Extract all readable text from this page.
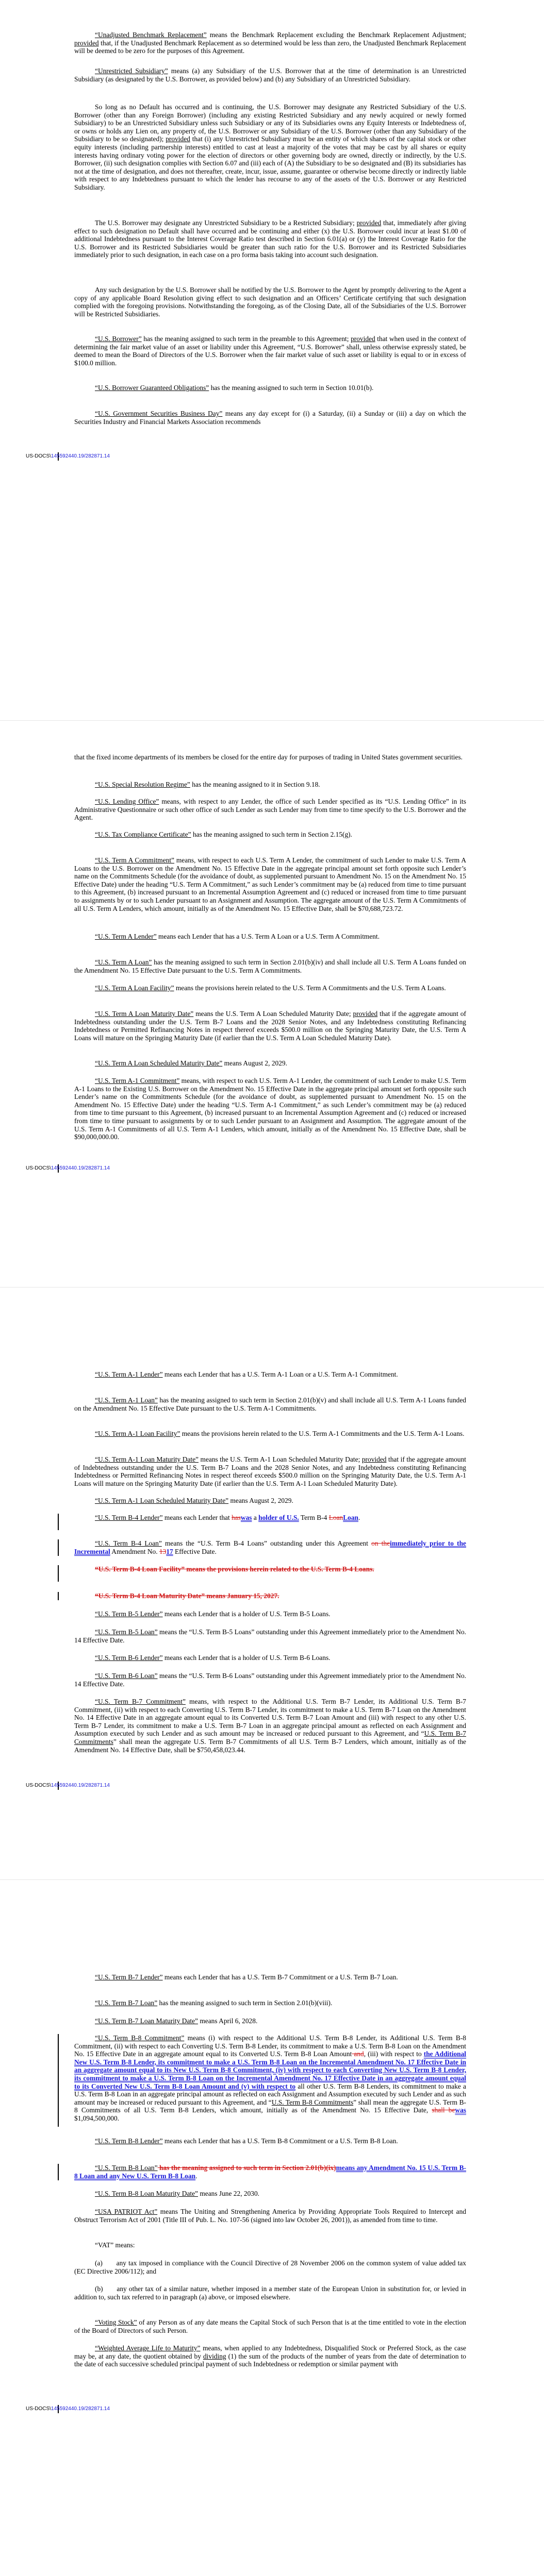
“Unadjusted Benchmark Replacement” means the Benchmark Replacement excluding the Benchmark Replacement Adjustment; provided that, if the Unadjusted Benchmark Replacement as so determined would be less than zero, the Unadjusted Benchmark Replacement will be deemed to be zero for the purposes of this Agreement.

“Unrestricted Subsidiary” means (a) any Subsidiary of the U.S. Borrower that at the time of determination is an Unrestricted Subsidiary (as designated by the U.S. Borrower, as provided below) and (b) any Subsidiary of an Unrestricted Subsidiary.

So long as no Default has occurred and is continuing, the U.S. Borrower may designate any Restricted Subsidiary of the U.S. Borrower (other than any Foreign Borrower) (including any existing Restricted Subsidiary and any newly acquired or newly formed Subsidiary) to be an Unrestricted Subsidiary unless such Subsidiary or any of its Subsidiaries owns any Equity Interests or Indebtedness of, or owns or holds any Lien on, any property of, the U.S. Borrower or any Subsidiary of the U.S. Borrower (other than any Subsidiary of the Subsidiary to be so designated); provided that (i) any Unrestricted Subsidiary must be an entity of which shares of the capital stock or other equity interests (including partnership interests) entitled to cast at least a majority of the votes that may be cast by all shares or equity interests having ordinary voting power for the election of directors or other governing body are owned, directly or indirectly, by the U.S. Borrower, (ii) such designation complies with Section 6.07 and (iii) each of (A) the Subsidiary to be so designated and (B) its subsidiaries has not at the time of designation, and does not thereafter, create, incur, issue, assume, guarantee or otherwise become directly or indirectly liable with respect to any Indebtedness pursuant to which the lender has recourse to any of the assets of the U.S. Borrower or any Restricted Subsidiary.

The U.S. Borrower may designate any Unrestricted Subsidiary to be a Restricted Subsidiary; provided that, immediately after giving effect to such designation no Default shall have occurred and be continuing and either (x) the U.S. Borrower could incur at least $1.00 of additional Indebtedness pursuant to the Interest Coverage Ratio test described in Section 6.01(a) or (y) the Interest Coverage Ratio for the U.S. Borrower and its Restricted Subsidiaries would be greater than such ratio for the U.S. Borrower and its Restricted Subsidiaries immediately prior to such designation, in each case on a pro forma basis taking into account such designation.

Any such designation by the U.S. Borrower shall be notified by the U.S. Borrower to the Agent by promptly delivering to the Agent a copy of any applicable Board Resolution giving effect to such designation and an Officers’ Certificate certifying that such designation complied with the foregoing provisions. Notwithstanding the foregoing, as of the Closing Date, all of the Subsidiaries of the U.S. Borrower will be Restricted Subsidiaries.

“U.S. Borrower” has the meaning assigned to such term in the preamble to this Agreement; provided that when used in the context of determining the fair market value of an asset or liability under this Agreement, “U.S. Borrower” shall, unless otherwise expressly stated, be deemed to mean the Board of Directors of the U.S. Borrower when the fair market value of such asset or liability is equal to or in excess of $100.0 million.

“U.S. Borrower Guaranteed Obligations” has the meaning assigned to such term in Section 10.01(b).

“U.S. Government Securities Business Day” means any day except for (i) a Saturday, (ii) a Sunday or (iii) a day on which the Securities Industry and Financial Markets Association recommends

US-DOCS\145592440.19/282871.14

that the fixed income departments of its members be closed for the entire day for purposes of trading in United States government securities.

“U.S. Special Resolution Regime” has the meaning assigned to it in Section 9.18.

“U.S. Lending Office” means, with respect to any Lender, the office of such Lender specified as its “U.S. Lending Office” in its Administrative Questionnaire or such other office of such Lender as such Lender may from time to time specify to the U.S. Borrower and the Agent.

“U.S. Tax Compliance Certificate” has the meaning assigned to such term in Section 2.15(g).

“U.S. Term A Commitment” means, with respect to each U.S. Term A Lender, the commitment of such Lender to make U.S. Term A Loans to the U.S. Borrower on the Amendment No. 15 Effective Date in the aggregate principal amount set forth opposite such Lender’s name on the Commitments Schedule (for the avoidance of doubt, as supplemented pursuant to Amendment No. 15 on the Amendment No. 15 Effective Date) under the heading “U.S. Term A Commitment,” as such Lender’s commitment may be (a) reduced from time to time pursuant to this Agreement, (b) increased pursuant to an Incremental Assumption Agreement and (c) reduced or increased from time to time pursuant to assignments by or to such Lender pursuant to an Assignment and Assumption. The aggregate amount of the U.S. Term A Commitments of all U.S. Term A Lenders, which amount, initially as of the Amendment No. 15 Effective Date, shall be $70,688,723.72.

“U.S. Term A Lender” means each Lender that has a U.S. Term A Loan or a U.S. Term A Commitment.

“U.S. Term A Loan” has the meaning assigned to such term in Section 2.01(b)(iv) and shall include all U.S. Term A Loans funded on the Amendment No. 15 Effective Date pursuant to the U.S. Term A Commitments.

“U.S. Term A Loan Facility” means the provisions herein related to the U.S. Term A Commitments and the U.S. Term A Loans.

“U.S. Term A Loan Maturity Date” means the U.S. Term A Loan Scheduled Maturity Date; provided that if the aggregate amount of Indebtedness outstanding under the U.S. Term B-7 Loans and the 2028 Senior Notes, and any Indebtedness constituting Refinancing Indebtedness or Permitted Refinancing Notes in respect thereof exceeds $500.0 million on the Springing Maturity Date, the U.S. Term A Loans will mature on the Springing Maturity Date (if earlier than the U.S. Term A Loan Scheduled Maturity Date).

“U.S. Term A Loan Scheduled Maturity Date” means August 2, 2029.

“U.S. Term A-1 Commitment” means, with respect to each U.S. Term A-1 Lender, the commitment of such Lender to make U.S. Term A-1 Loans to the Existing U.S. Borrower on the Amendment No. 15 Effective Date in the aggregate principal amount set forth opposite such Lender’s name on the Commitments Schedule (for the avoidance of doubt, as supplemented pursuant to Amendment No. 15 on the Amendment No. 15 Effective Date) under the heading “U.S. Term A-1 Commitment,” as such Lender’s commitment may be (a) reduced from time to time pursuant to this Agreement, (b) increased pursuant to an Incremental Assumption Agreement and (c) reduced or increased from time to time pursuant to assignments by or to such Lender pursuant to an Assignment and Assumption. The aggregate amount of the U.S. Term A-1 Commitments of all U.S. Term A-1 Lenders, which amount, initially as of the Amendment No. 15 Effective Date, shall be $90,000,000.00.

US-DOCS\145592440.19/282871.14

“U.S. Term A-1 Lender” means each Lender that has a U.S. Term A-1 Loan or a U.S. Term A-1 Commitment.

“U.S. Term A-1 Loan” has the meaning assigned to such term in Section 2.01(b)(v) and shall include all U.S. Term A-1 Loans funded on the Amendment No. 15 Effective Date pursuant to the U.S. Term A-1 Commitments.

“U.S. Term A-1 Loan Facility” means the provisions herein related to the U.S. Term A-1 Commitments and the U.S. Term A-1 Loans.

“U.S. Term A-1 Loan Maturity Date” means the U.S. Term A-1 Loan Scheduled Maturity Date; provided that if the aggregate amount of Indebtedness outstanding under the U.S. Term B-7 Loans and the 2028 Senior Notes, and any Indebtedness constituting Refinancing Indebtedness or Permitted Refinancing Notes in respect thereof exceeds $500.0 million on the Springing Maturity Date, the U.S. Term A-1 Loans will mature on the Springing Maturity Date (if earlier than the U.S. Term A-1 Loan Scheduled Maturity Date).

“U.S. Term A-1 Loan Scheduled Maturity Date” means August 2, 2029.

“U.S. Term B-4 Lender” means each Lender that haswas a holder of U.S. Term B-4 LoanLoan.

“U.S. Term B-4 Loan” means the “U.S. Term B-4 Loans” outstanding under this Agreement on theimmediately prior to the Incremental Amendment No. 1317 Effective Date.

“U.S. Term B-4 Loan Facility” means the provisions herein related to the U.S. Term B-4 Loans.

“U.S. Term B-4 Loan Maturity Date” means January 15, 2027.

“U.S. Term B-5 Lender” means each Lender that is a holder of U.S. Term B-5 Loans.

“U.S. Term B-5 Loan” means the “U.S. Term B-5 Loans” outstanding under this Agreement immediately prior to the Amendment No. 14 Effective Date.

“U.S. Term B-6 Lender” means each Lender that is a holder of U.S. Term B-6 Loans.

“U.S. Term B-6 Loan” means the “U.S. Term B-6 Loans” outstanding under this Agreement immediately prior to the Amendment No. 14 Effective Date.

“U.S. Term B-7 Commitment” means, with respect to the Additional U.S. Term B-7 Lender, its Additional U.S. Term B-7 Commitment, (ii) with respect to each Converting U.S. Term B-7 Lender, its commitment to make a U.S. Term B-7 Loan on the Amendment No. 14 Effective Date in an aggregate amount equal to its Converted U.S. Term B-7 Loan Amount and (iii) with respect to any other U.S. Term B-7 Lender, its commitment to make a U.S. Term B-7 Loan in an aggregate principal amount as reflected on each Assignment and Assumption executed by such Lender and as such amount may be increased or reduced pursuant to this Agreement, and “U.S. Term B-7 Commitments” shall mean the aggregate U.S. Term B-7 Commitments of all U.S. Term B-7 Lenders, which amount, initially as of the Amendment No. 14 Effective Date, shall be $750,458,023.44.

US-DOCS\145592440.19/282871.14

“U.S. Term B-7 Lender” means each Lender that has a U.S. Term B-7 Commitment or a U.S. Term B-7 Loan.

“U.S. Term B-7 Loan” has the meaning assigned to such term in Section 2.01(b)(viii).

“U.S. Term B-7 Loan Maturity Date” means April 6, 2028.

“U.S. Term B-8 Commitment” means (i) with respect to the Additional U.S. Term B-8 Lender, its Additional U.S. Term B-8 Commitment, (ii) with respect to each Converting U.S. Term B-8 Lender, its commitment to make a U.S. Term B-8 Loan on the Amendment No. 15 Effective Date in an aggregate amount equal to its Converted U.S. Term B-8 Loan Amount and, (iii) with respect to the Additional New U.S. Term B-8 Lender, its commitment to make a U.S. Term B-8 Loan on the Incremental Amendment No. 17 Effective Date in an aggregate amount equal to its New U.S. Term B-8 Commitment, (iv) with respect to each Converting New U.S. Term B-8 Lender, its commitment to make a U.S. Term B-8 Loan on the Incremental Amendment No. 17 Effective Date in an aggregate amount equal to its Converted New U.S. Term B-8 Loan Amount and (v) with respect to all other U.S. Term B-8 Lenders, its commitment to make a U.S. Term B-8 Loan in an aggregate principal amount as reflected on each Assignment and Assumption executed by such Lender and as such amount may be increased or reduced pursuant to this Agreement, and “U.S. Term B-8 Commitments” shall mean the aggregate U.S. Term B-8 Commitments of all U.S. Term B-8 Lenders, which amount, initially as of the Amendment No. 15 Effective Date, shall bewas $1,094,500,000.

“U.S. Term B-8 Lender” means each Lender that has a U.S. Term B-8 Commitment or a U.S. Term B-8 Loan.

“U.S. Term B-8 Loan” has the meaning assigned to such term in Section 2.01(b)(ix)means any Amendment No. 15 U.S. Term B-8 Loan and any New U.S. Term B-8 Loan.

“U.S. Term B-8 Loan Maturity Date” means June 22, 2030.

“USA PATRIOT Act” means The Uniting and Strengthening America by Providing Appropriate Tools Required to Intercept and Obstruct Terrorism Act of 2001 (Title III of Pub. L. No. 107-56 (signed into law October 26, 2001)), as amended from time to time.

“VAT” means:

(a)  any tax imposed in compliance with the Council Directive of 28 November 2006 on the common system of value added tax (EC Directive 2006/112); and

(b)  any other tax of a similar nature, whether imposed in a member state of the European Union in substitution for, or levied in addition to, such tax referred to in paragraph (a) above, or imposed elsewhere.

“Voting Stock” of any Person as of any date means the Capital Stock of such Person that is at the time entitled to vote in the election of the Board of Directors of such Person.

“Weighted Average Life to Maturity” means, when applied to any Indebtedness, Disqualified Stock or Preferred Stock, as the case may be, at any date, the quotient obtained by dividing (1) the sum of the products of the number of years from the date of determination to the date of each successive scheduled principal payment of such Indebtedness or redemption or similar payment with

US-DOCS\145592440.19/282871.14
